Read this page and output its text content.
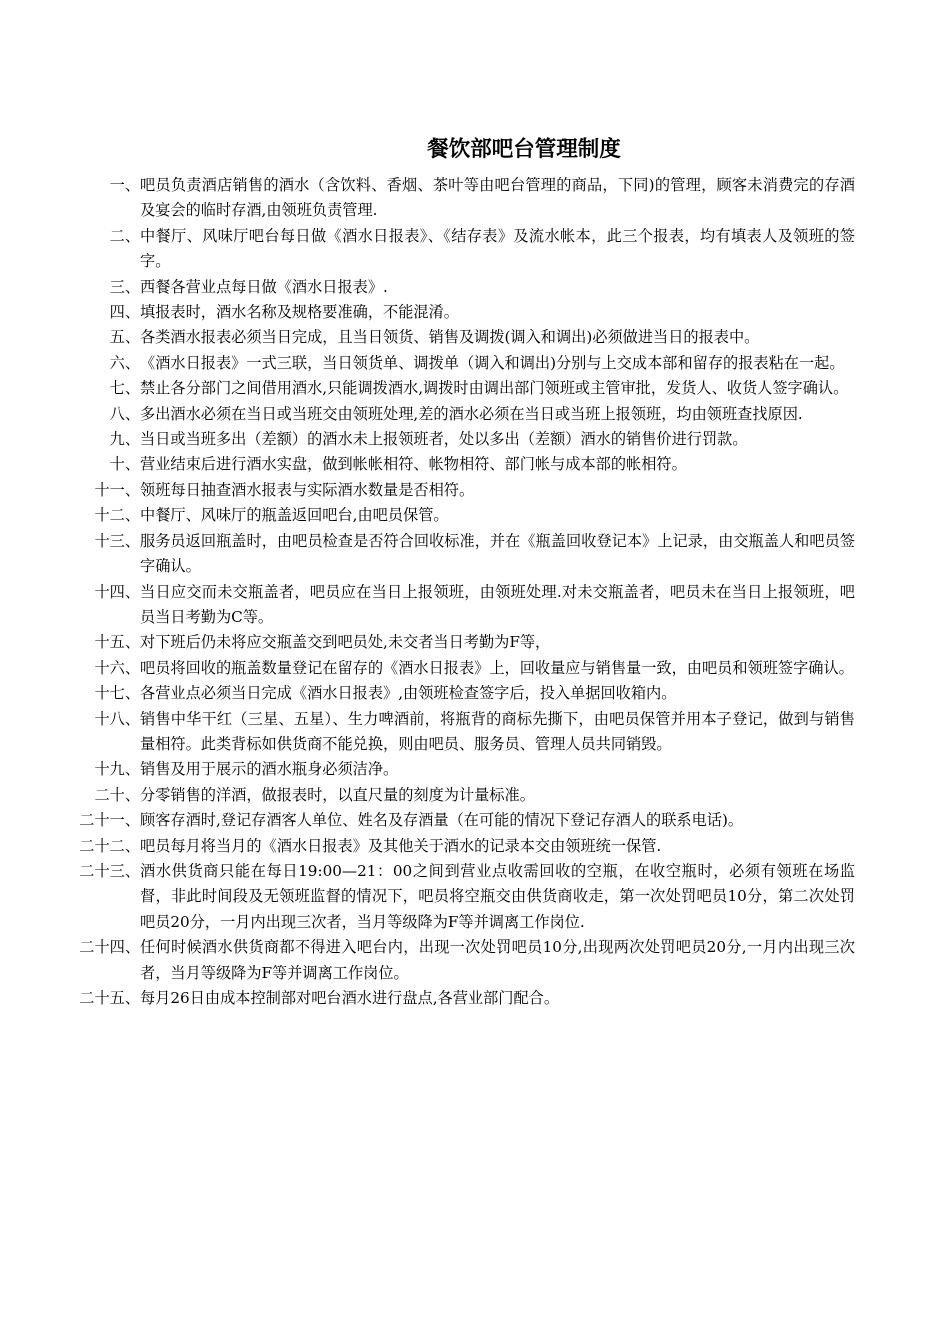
餐饮部吧台管理制度
一、 吧员负责酒店销售的酒水（含饮料、香烟、茶叶等由吧台管理的商品，下同)的管理，顾客未消费完的存酒及宴会的临时存酒,由领班负责管理.
二、 中餐厅、风味厅吧台每日做《酒水日报表》、《结存表》及流水帐本，此三个报表，均有填表人及领班的签字。
三、 西餐各营业点每日做《酒水日报表》.
四、 填报表时，酒水名称及规格要准确，不能混淆。
五、 各类酒水报表必须当日完成，且当日领货、销售及调拨(调入和调出)必须做进当日的报表中。
六、 《酒水日报表》一式三联，当日领货单、调拨单（调入和调出)分别与上交成本部和留存的报表粘在一起。
七、 禁止各分部门之间借用酒水,只能调拨酒水,调拨时由调出部门领班或主管审批，发货人、收货人签字确认。
八、 多出酒水必须在当日或当班交由领班处理,差的酒水必须在当日或当班上报领班，均由领班查找原因.
九、 当日或当班多出（差额）的酒水未上报领班者，处以多出（差额）酒水的销售价进行罚款。
十、 营业结束后进行酒水实盘，做到帐帐相符、帐物相符、部门帐与成本部的帐相符。
十一、 领班每日抽查酒水报表与实际酒水数量是否相符。
十二、 中餐厅、风味厅的瓶盖返回吧台,由吧员保管。
十三、 服务员返回瓶盖时，由吧员检查是否符合回收标准，并在《瓶盖回收登记本》上记录，由交瓶盖人和吧员签字确认。
十四、 当日应交而未交瓶盖者，吧员应在当日上报领班，由领班处理.对未交瓶盖者，吧员未在当日上报领班，吧员当日考勤为C等。
十五、 对下班后仍未将应交瓶盖交到吧员处,未交者当日考勤为F等，
十六、 吧员将回收的瓶盖数量登记在留存的《酒水日报表》上，回收量应与销售量一致，由吧员和领班签字确认。
十七、 各营业点必须当日完成《酒水日报表》,由领班检查签字后，投入单据回收箱内。
十八、 销售中华干红（三星、五星）、生力啤酒前，将瓶背的商标先撕下，由吧员保管并用本子登记，做到与销售量相符。此类背标如供货商不能兑换，则由吧员、服务员、管理人员共同销毁。
十九、 销售及用于展示的酒水瓶身必须洁净。
二十、 分零销售的洋酒，做报表时，以直尺量的刻度为计量标准。
二十一、 顾客存酒时,登记存酒客人单位、姓名及存酒量（在可能的情况下登记存酒人的联系电话)。
二十二、 吧员每月将当月的《酒水日报表》及其他关于酒水的记录本交由领班统一保管.
二十三、 酒水供货商只能在每日19:00—21：00之间到营业点收需回收的空瓶，在收空瓶时，必须有领班在场监督，非此时间段及无领班监督的情况下，吧员将空瓶交由供货商收走，第一次处罚吧员10分，第二次处罚吧员20分，一月内出现三次者，当月等级降为F等并调离工作岗位.
二十四、 任何时候酒水供货商都不得进入吧台内，出现一次处罚吧员10分,出现两次处罚吧员20分,一月内出现三次者，当月等级降为F等并调离工作岗位。
二十五、 每月26日由成本控制部对吧台酒水进行盘点,各营业部门配合。
